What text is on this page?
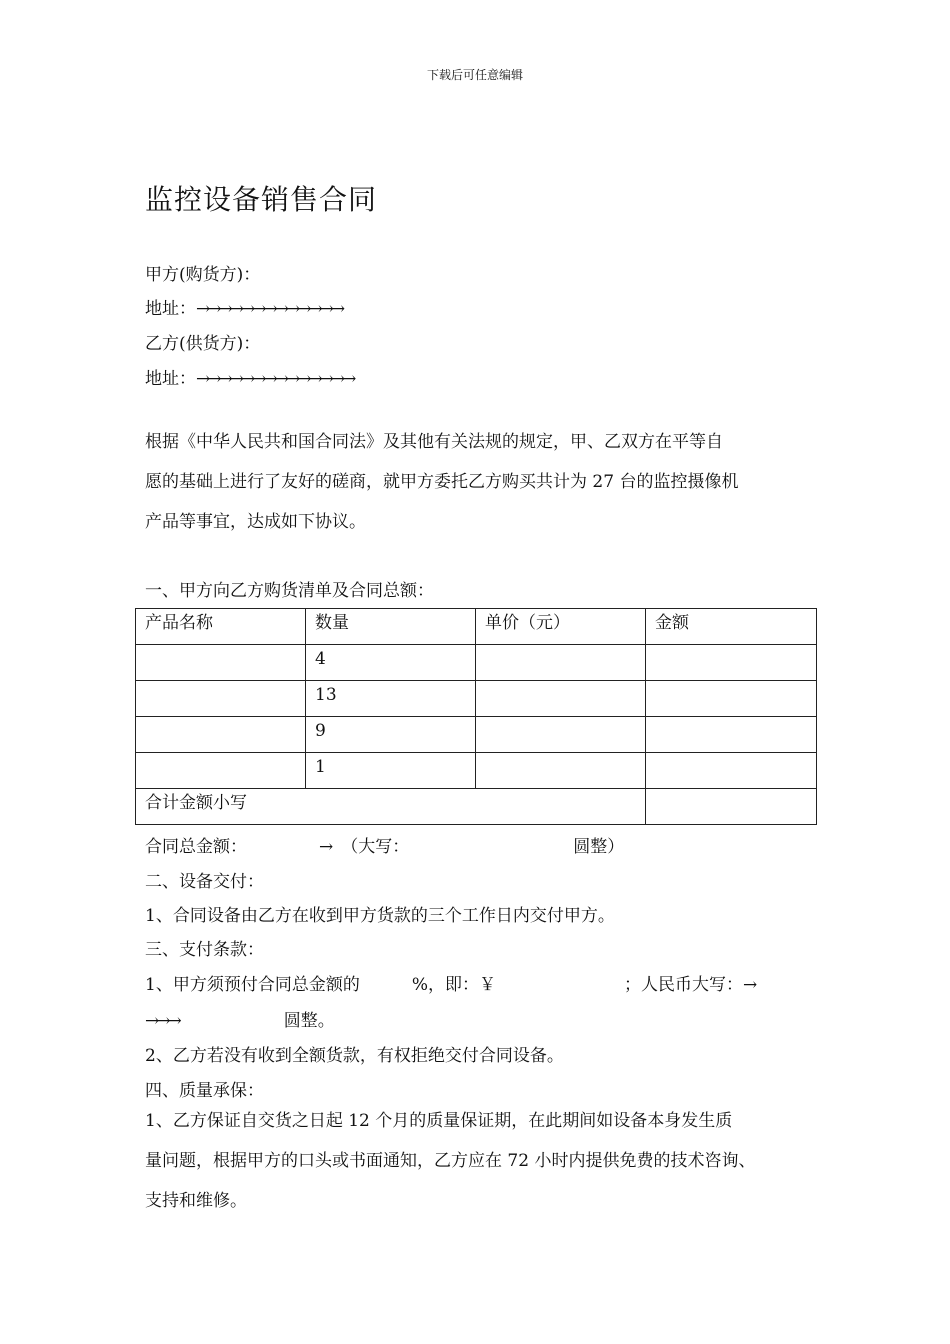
下载后可任意编辑
监控设备销售合同
甲方(购货方)：
地址：→→→→→→→→→→→→→
乙方(供货方)：
地址：→→→→→→→→→→→→→→
根据《中华人民共和国合同法》及其他有关法规的规定，甲、乙双方在平等自
愿的基础上进行了友好的磋商，就甲方委托乙方购买共计为 27 台的监控摄像机
产品等事宜，达成如下协议。
一、甲方向乙方购货清单及合同总额：
产品名称	数量	单价（元）	金额
	4		
	13		
	9		
	1		
合计金额小写			
合同总金额：	→ （大写：	圆整）
二、设备交付：
1、合同设备由乙方在收到甲方货款的三个工作日内交付甲方。
三、支付条款：
1、甲方须预付合同总金额的	%，即：￥	；人民币大写：→
→→→	圆整。
2、乙方若没有收到全额货款，有权拒绝交付合同设备。
四、质量承保：
1、乙方保证自交货之日起 12 个月的质量保证期，在此期间如设备本身发生质
量问题，根据甲方的口头或书面通知，乙方应在 72 小时内提供免费的技术咨询、
支持和维修。
